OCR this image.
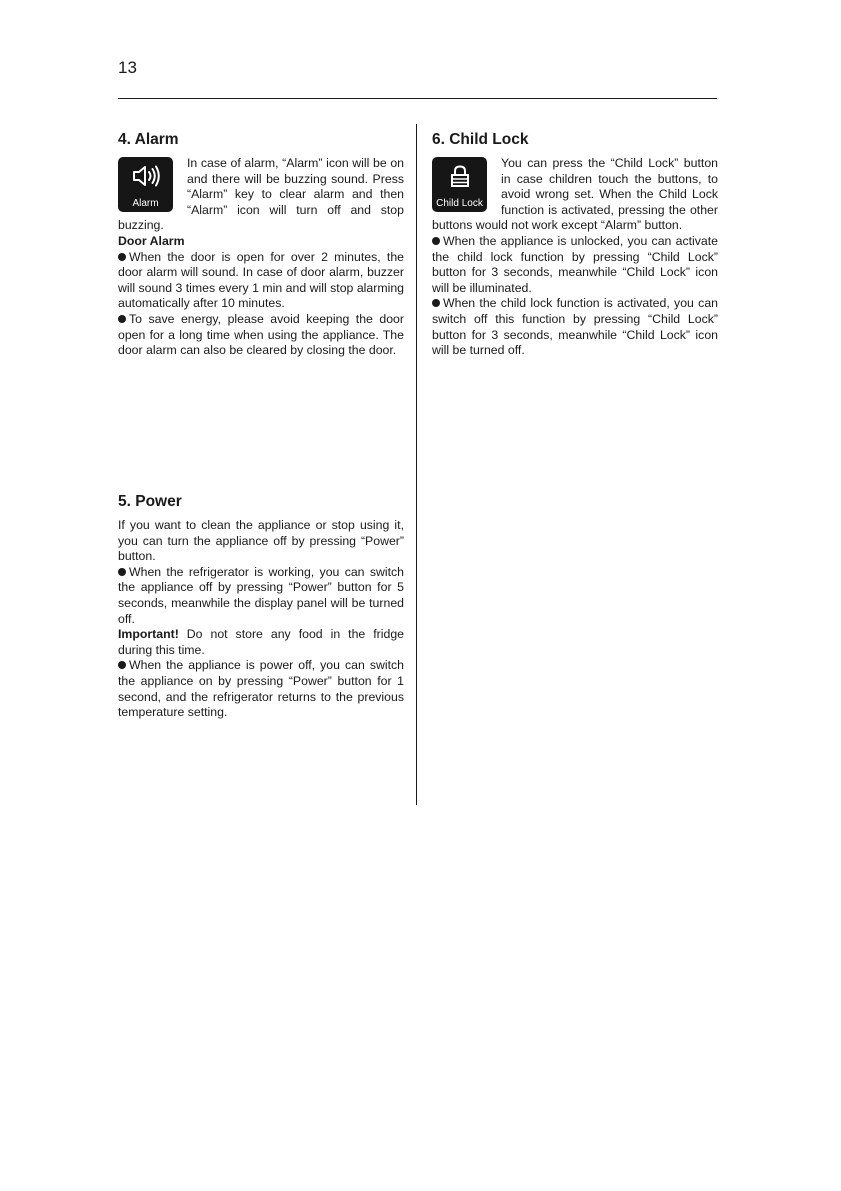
13
4. Alarm
Alarm

In case of alarm, “Alarm” icon will be on and there will be buzzing sound. Press “Alarm” key to clear alarm and then “Alarm” icon will turn off and stop buzzing.

Door Alarm

When the door is open for over 2 minutes, the door alarm will sound. In case of door alarm, buzzer will sound 3 times every 1 min and will stop alarming automatically after 10 minutes.

To save energy, please avoid keeping the door open for a long time when using the appliance. The door alarm can also be cleared by closing the door.

5. Power

If you want to clean the appliance or stop using it, you can turn the appliance off by pressing “Power” button.

When the refrigerator is working, you can switch the appliance off by pressing “Power” button for 5 seconds, meanwhile the display panel will be turned off.

Important! Do not store any food in the fridge during this time.

When the appliance is power off, you can switch the appliance on by pressing “Power” button for 1 second, and the refrigerator returns to the previous temperature setting.

6. Child Lock
Child Lock

You can press the “Child Lock” button in case children touch the buttons, to avoid wrong set. When the Child Lock function is activated, pressing the other buttons would not work except “Alarm” button.

When the appliance is unlocked, you can activate the child lock function by pressing “Child Lock” button for 3 seconds, meanwhile “Child Lock” icon will be illuminated.

When the child lock function is activated, you can switch off this function by pressing “Child Lock” button for 3 seconds, meanwhile “Child Lock” icon will be turned off.
